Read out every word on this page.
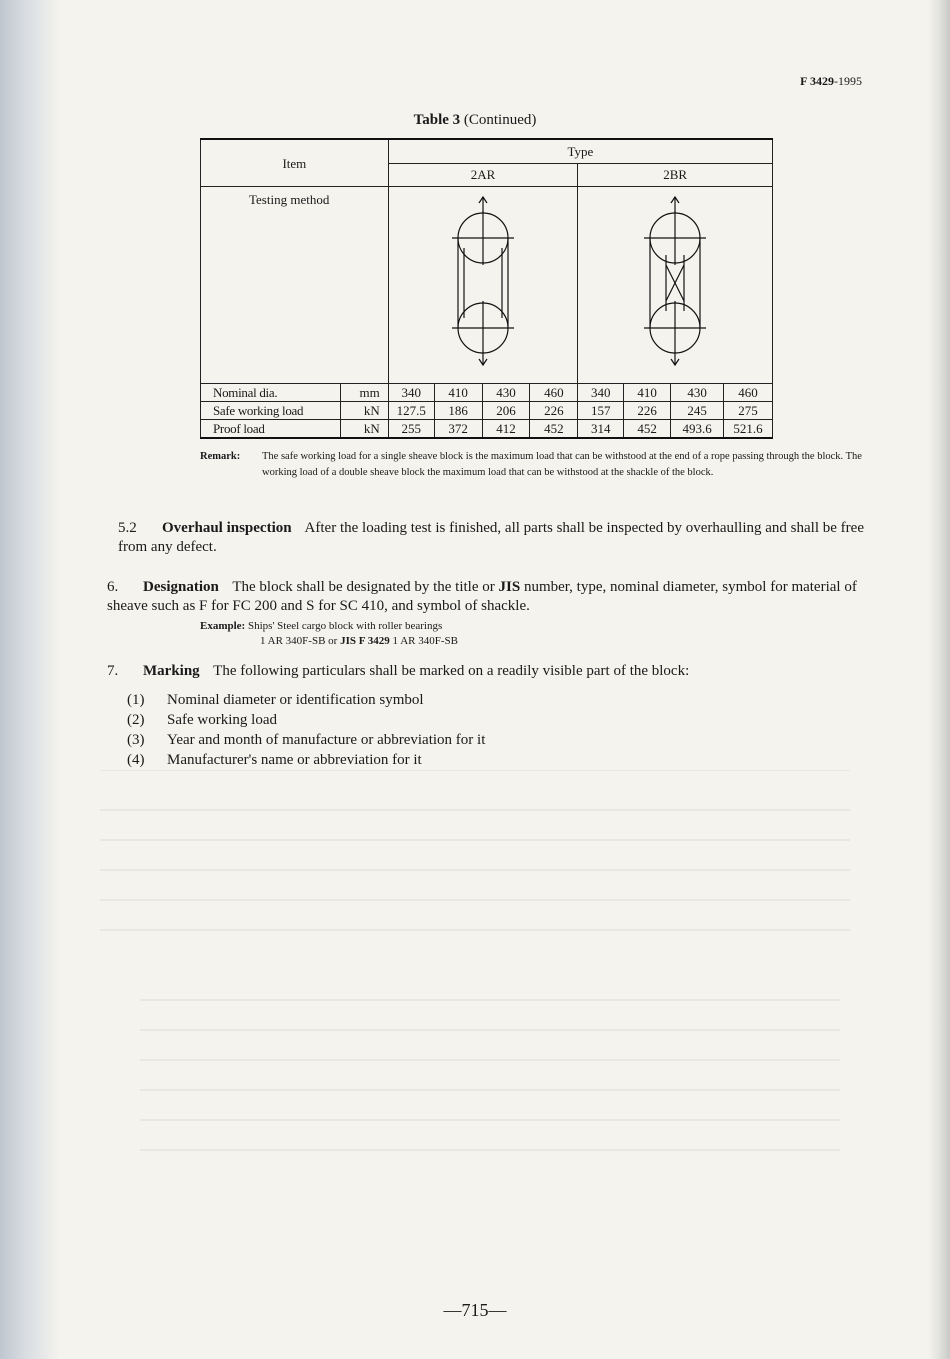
F 3429-1995
Table 3 (Continued)
Item		Type							
		2AR				2BR			
Testing method			
Nominal dia.	mm	340	410	430	460	340	410	430	460
Safe working load	kN	127.5	186	206	226	157	226	245	275
Proof load	kN	255	372	412	452	314	452	493.6	521.6
Remark: The safe working load for a single sheave block is the maximum load that can be withstood at the end of a rope passing through the block. The working load of a double sheave block the maximum load that can be withstood at the shackle of the block.
5.2 Overhaul inspection After the loading test is finished, all parts shall be inspected by overhaulling and shall be free from any defect.
6. Designation The block shall be designated by the title or JIS number, type, nominal diameter, symbol for material of sheave such as F for FC 200 and S for SC 410, and symbol of shackle.
Example: Ships' Steel cargo block with roller bearings
1 AR 340F-SB or JIS F 3429 1 AR 340F-SB
7. Marking The following particulars shall be marked on a readily visible part of the block:
(1) Nominal diameter or identification symbol
(2) Safe working load
(3) Year and month of manufacture or abbreviation for it
(4) Manufacturer's name or abbreviation for it
—715—
